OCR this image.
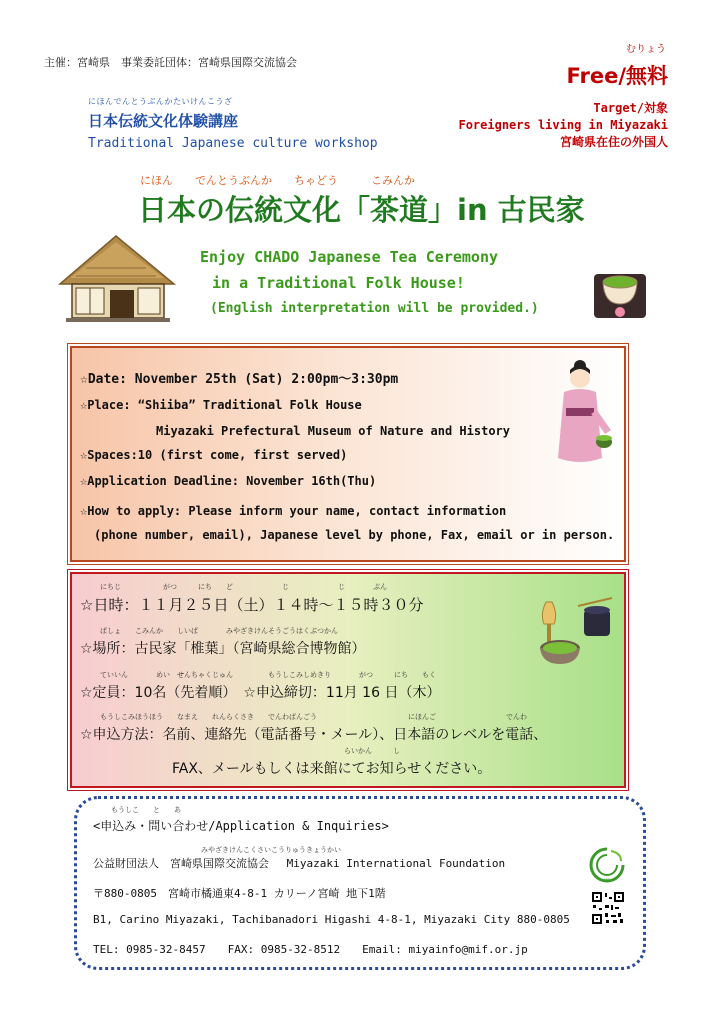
主催：宮崎県　事業委託団体：宮崎県国際交流協会
むりょう
Free/無料
Target/対象
Foreigners living in Miyazaki
宮崎県在住の外国人
にほんでんとうぶんかたいけんこうざ
日本伝統文化体験講座
Traditional Japanese culture workshop
にほん　　でんとうぶんか　　ちゃどう　　　こみんか
日本の伝統文化「茶道」in 古民家
Enjoy CHADO Japanese Tea Ceremony
in a Traditional Folk House!
(English interpretation will be provided.)
☆Date: November 25th (Sat) 2:00pm～3:30pm
☆Place: “Shiiba” Traditional Folk House
Miyazaki Prefectural Museum of Nature and History
☆Spaces:10 (first come, first served)
☆Application Deadline: November 16th(Thu)
☆How to apply: Please inform your name, contact information
(phone number, email), Japanese level by phone, Fax, email or in person.
にちじ　　　　　　がつ　　　にち　　ど　　　　　　　じ　　　　　　　じ　　　　ぷん
☆日時：１１月２５日（土）１４時～１５時３０分
ばしょ　　こみんか　　しいば　　　　みやざきけんそうごうはくぶつかん
☆場所：古民家「椎葉」（宮崎県総合博物館）
ていいん　　　　めい　せんちゃくじゅん　　　　　もうしこみしめきり　　　　がつ　　　にち　　もく
☆定員：10名（先着順）　☆申込締切：11月 16 日（木）
もうしこみほうほう　　なまえ　　れんらくさき　　でんわばんごう　　　　　　　　　　　　　にほんご　　　　　　　　　　でんわ
☆申込方法：名前、連絡先（電話番号・メール）、日本語のレベルを電話、
らいかん　　　し
FAX、メールもしくは来館にてお知らせください。
もうしこ　　と　　あ
<申込み・問い合わせ/Application & Inquiries>
みやざきけんこくさいこうりゅうきょうかい
公益財団法人　宮崎県国際交流協会　 Miyazaki International Foundation
〒880-0805　宮崎市橘通東4-8-1 カリーノ宮崎 地下1階
B1, Carino Miyazaki, Tachibanadori Higashi 4-8-1, Miyazaki City 880-0805
TEL: 0985-32-8457　　FAX: 0985-32-8512　　Email: miyainfo@mif.or.jp
MIF
